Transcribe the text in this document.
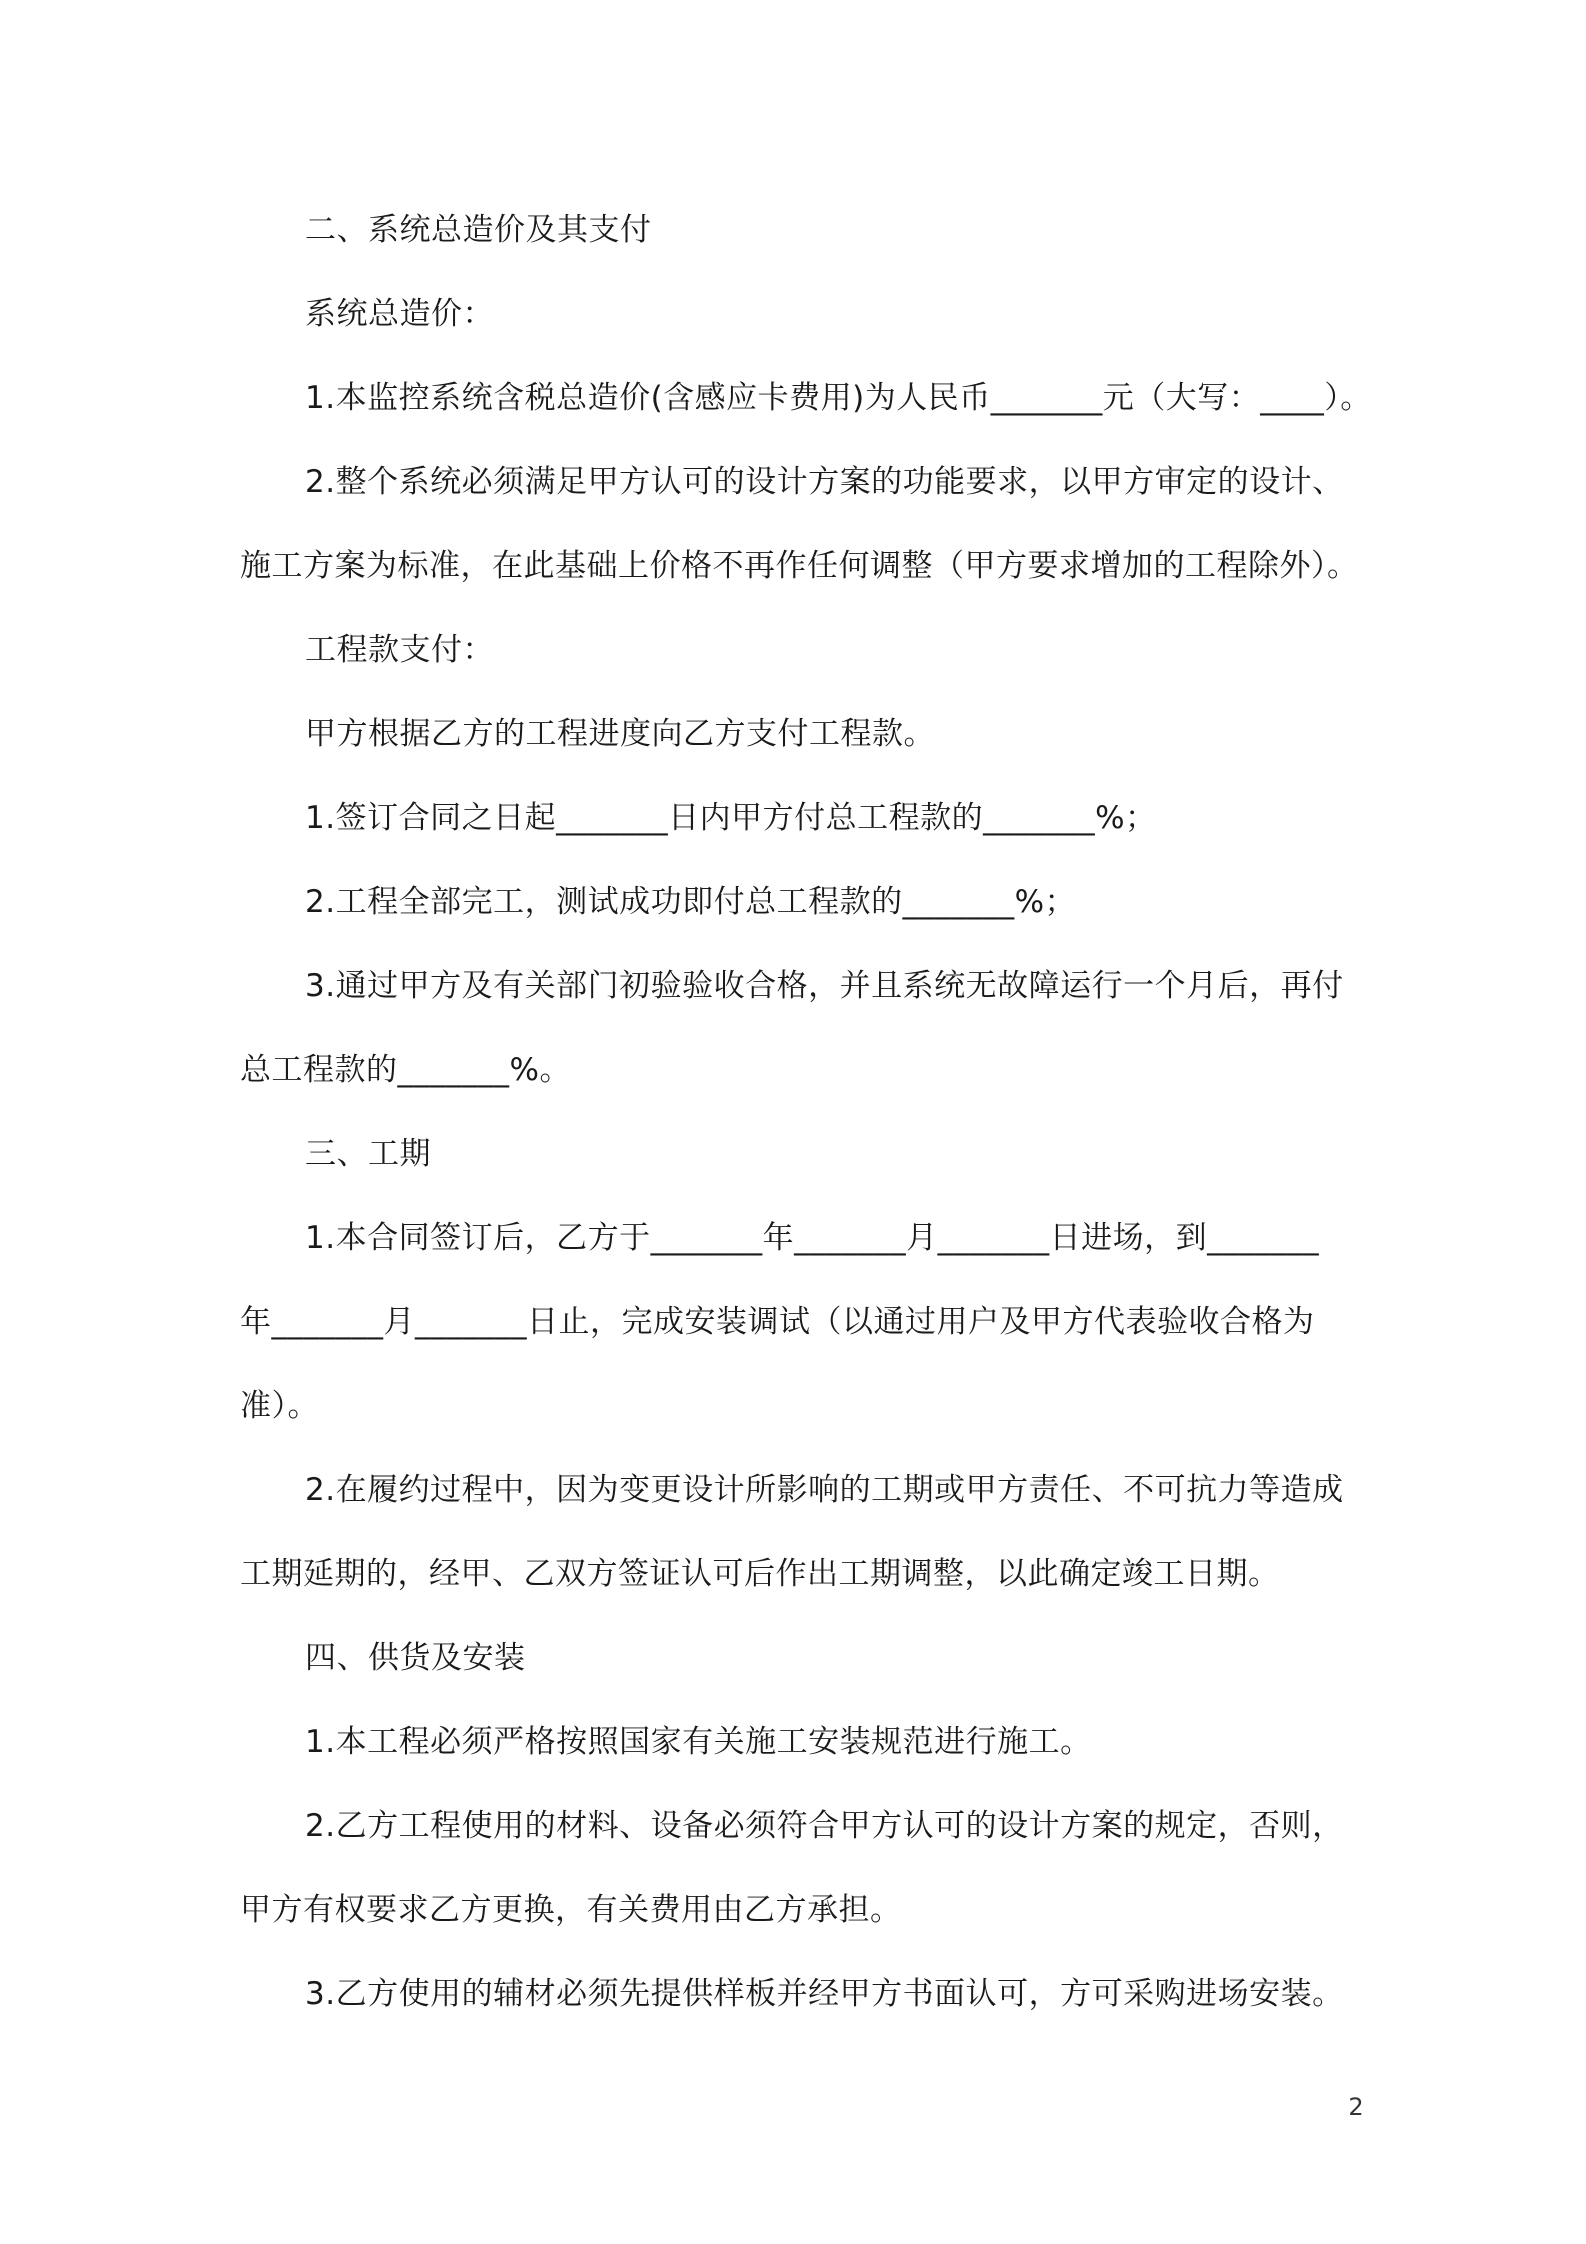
二、系统总造价及其支付
系统总造价：
1.本监控系统含税总造价(含感应卡费用)为人民币_______元（大写：____）。
2.整个系统必须满足甲方认可的设计方案的功能要求，以甲方审定的设计、
施工方案为标准，在此基础上价格不再作任何调整（甲方要求增加的工程除外）。
工程款支付：
甲方根据乙方的工程进度向乙方支付工程款。
1.签订合同之日起_______日内甲方付总工程款的_______%；
2.工程全部完工，测试成功即付总工程款的_______%；
3.通过甲方及有关部门初验验收合格，并且系统无故障运行一个月后，再付
总工程款的_______%。
三、工期
1.本合同签订后，乙方于_______年_______月_______日进场，到_______
年_______月_______日止，完成安装调试（以通过用户及甲方代表验收合格为
准）。
2.在履约过程中，因为变更设计所影响的工期或甲方责任、不可抗力等造成
工期延期的，经甲、乙双方签证认可后作出工期调整，以此确定竣工日期。
四、供货及安装
1.本工程必须严格按照国家有关施工安装规范进行施工。
2.乙方工程使用的材料、设备必须符合甲方认可的设计方案的规定，否则，
甲方有权要求乙方更换，有关费用由乙方承担。
3.乙方使用的辅材必须先提供样板并经甲方书面认可，方可采购进场安装。
2
